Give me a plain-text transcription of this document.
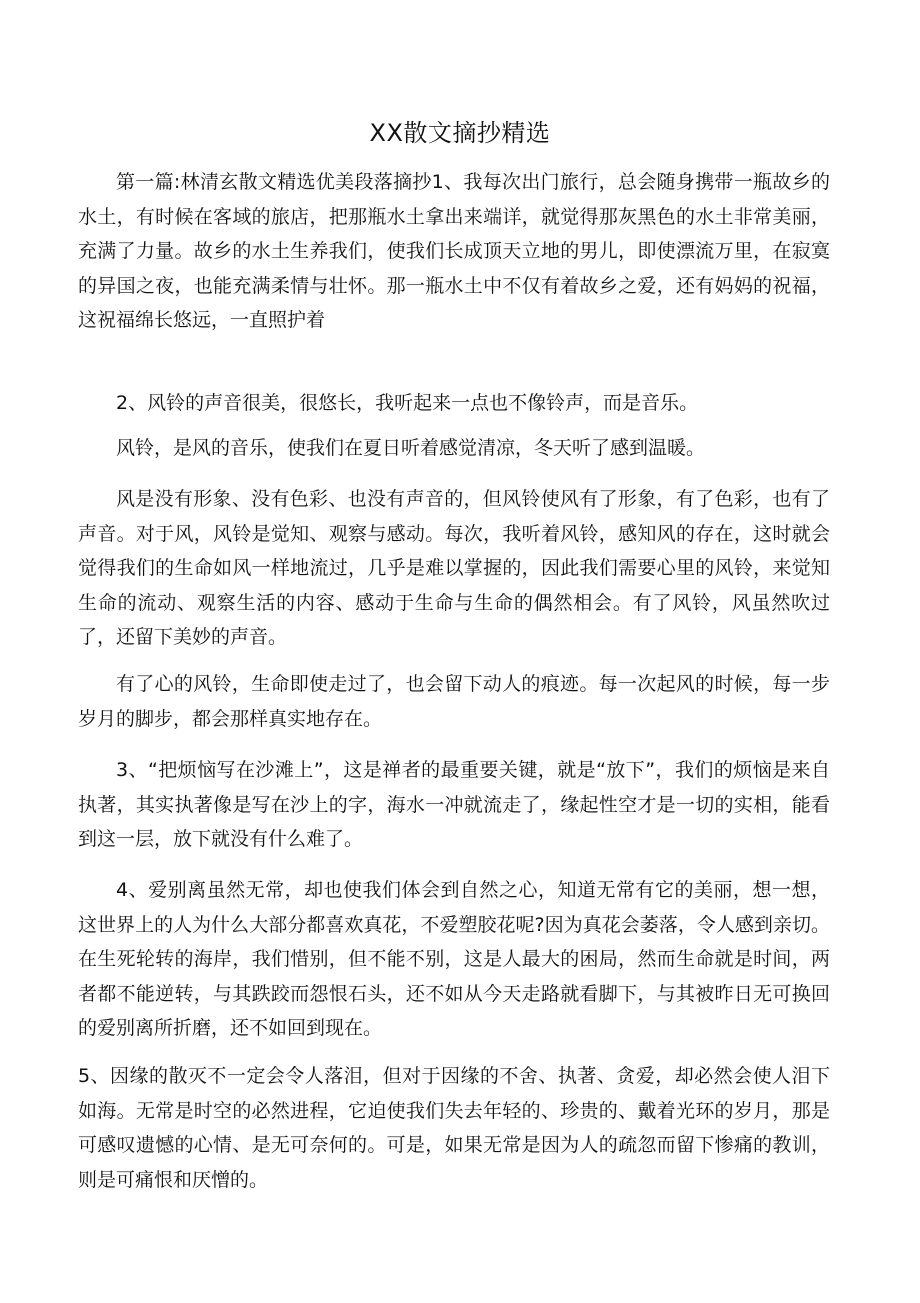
XX散文摘抄精选

第一篇:林清玄散文精选优美段落摘抄1、我每次出门旅行，总会随身携带一瓶故乡的水土，有时候在客域的旅店，把那瓶水土拿出来端详，就觉得那灰黑色的水土非常美丽，充满了力量。故乡的水土生养我们，使我们长成顶天立地的男儿，即使漂流万里，在寂寞的异国之夜，也能充满柔情与壮怀。那一瓶水土中不仅有着故乡之爱，还有妈妈的祝福，这祝福绵长悠远，一直照护着

2、风铃的声音很美，很悠长，我听起来一点也不像铃声，而是音乐。

风铃，是风的音乐，使我们在夏日听着感觉清凉，冬天听了感到温暖。

风是没有形象、没有色彩、也没有声音的，但风铃使风有了形象，有了色彩，也有了声音。对于风，风铃是觉知、观察与感动。每次，我听着风铃，感知风的存在，这时就会觉得我们的生命如风一样地流过，几乎是难以掌握的，因此我们需要心里的风铃，来觉知生命的流动、观察生活的内容、感动于生命与生命的偶然相会。有了风铃，风虽然吹过了，还留下美妙的声音。

有了心的风铃，生命即使走过了，也会留下动人的痕迹。每一次起风的时候，每一步岁月的脚步，都会那样真实地存在。

3、“把烦恼写在沙滩上”，这是禅者的最重要关键，就是“放下”，我们的烦恼是来自执著，其实执著像是写在沙上的字，海水一冲就流走了，缘起性空才是一切的实相，能看到这一层，放下就没有什么难了。

4、爱别离虽然无常，却也使我们体会到自然之心，知道无常有它的美丽，想一想，这世界上的人为什么大部分都喜欢真花，不爱塑胶花呢?因为真花会萎落，令人感到亲切。在生死轮转的海岸，我们惜别，但不能不别，这是人最大的困局，然而生命就是时间，两者都不能逆转，与其跌跤而怨恨石头，还不如从今天走路就看脚下，与其被昨日无可换回的爱别离所折磨，还不如回到现在。

5、因缘的散灭不一定会令人落泪，但对于因缘的不舍、执著、贪爱，却必然会使人泪下如海。无常是时空的必然进程，它迫使我们失去年轻的、珍贵的、戴着光环的岁月，那是可感叹遗憾的心情、是无可奈何的。可是，如果无常是因为人的疏忽而留下惨痛的教训，则是可痛恨和厌憎的。
